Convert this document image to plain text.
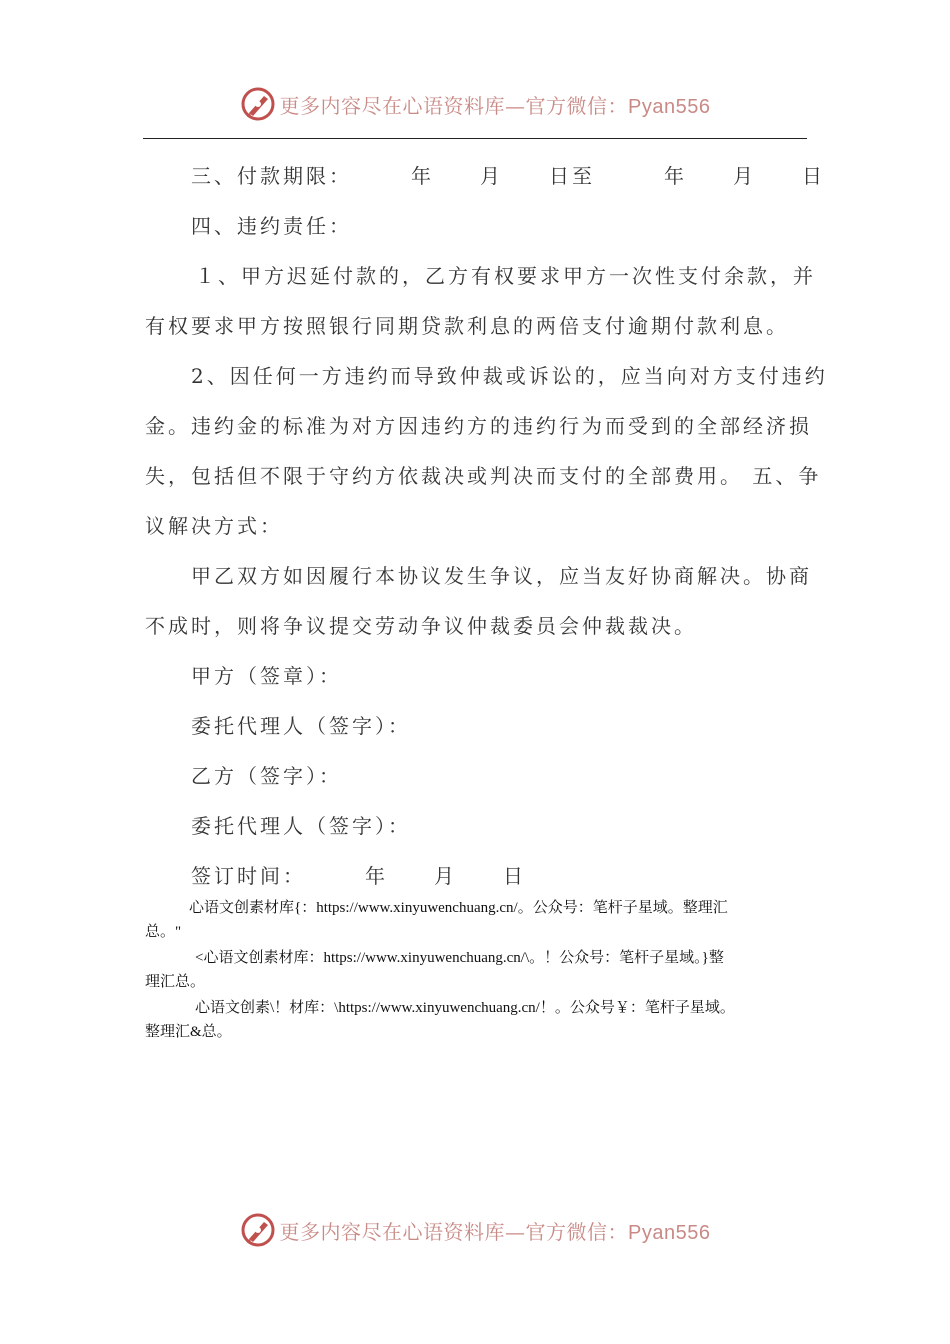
更多内容尽在心语资料库—官方微信：Pyan556
三、付款期限：　　　年　　月　　日至　　　年　　月　　日
四、违约责任：
１、甲方迟延付款的，乙方有权要求甲方一次性支付余款，并
有权要求甲方按照银行同期贷款利息的两倍支付逾期付款利息。
2、因任何一方违约而导致仲裁或诉讼的，应当向对方支付违约
金。违约金的标准为对方因违约方的违约行为而受到的全部经济损
失，包括但不限于守约方依裁决或判决而支付的全部费用。 五、争
议解决方式：
甲乙双方如因履行本协议发生争议，应当友好协商解决。协商
不成时，则将争议提交劳动争议仲裁委员会仲裁裁决。
甲方（签章）：
委托代理人（签字）：
乙方（签字）：
委托代理人（签字）：
签订时间：　　　年　　月　　日
心语文创素材库{：https://www.xinyuwenchuang.cn/。公众号：笔杆子星域。整理汇
总。"
<心语文创素材库：https://www.xinyuwenchuang.cn/\。！公众号：笔杆子星域。}整
理汇总。
心语文创素\！材库：\https://www.xinyuwenchuang.cn/！。公众号￥：笔杆子星域。
整理汇&总。
更多内容尽在心语资料库—官方微信：Pyan556
